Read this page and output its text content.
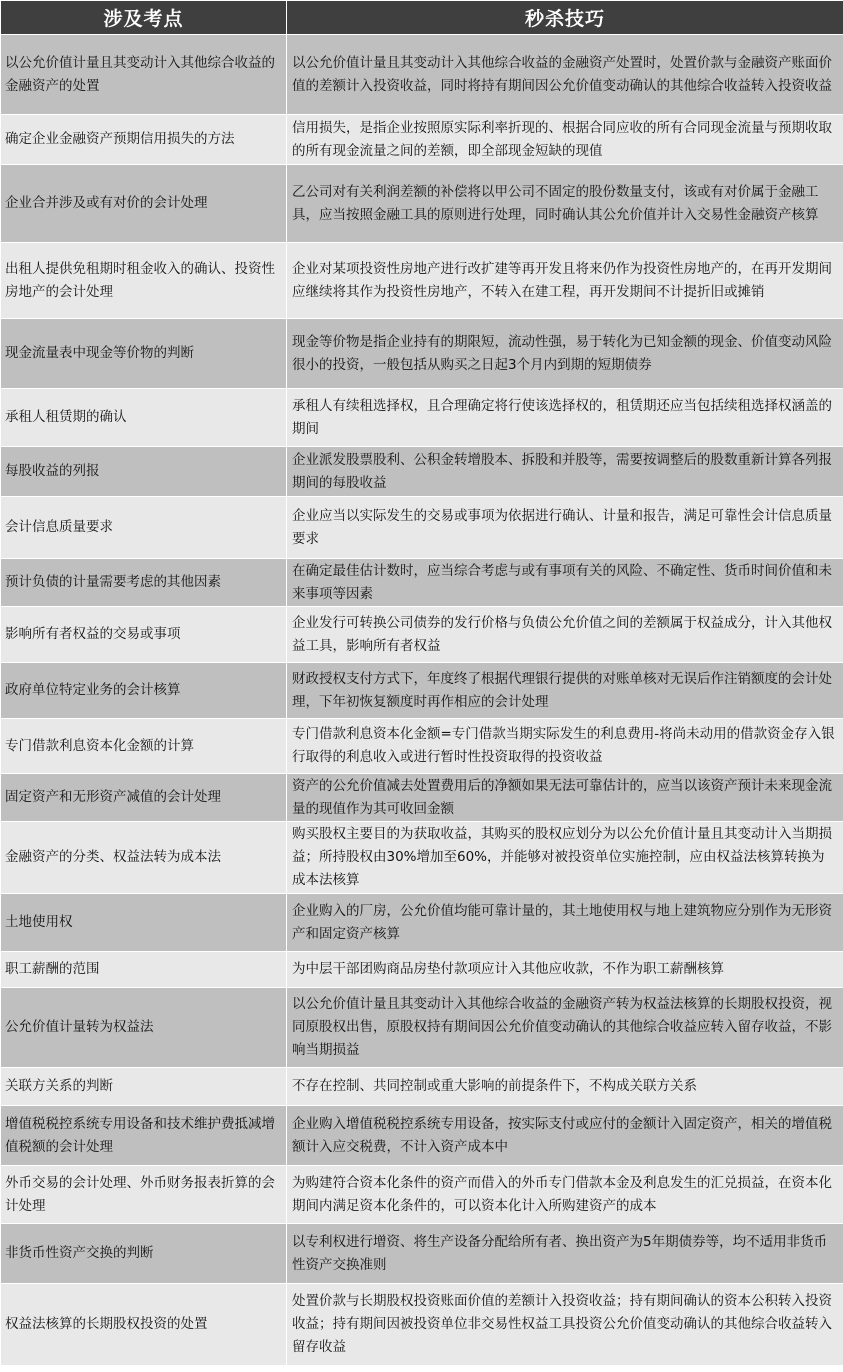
涉及考点	秒杀技巧
以公允价值计量且其变动计入其他综合收益的金融资产的处置	以公允价值计量且其变动计入其他综合收益的金融资产处置时，处置价款与金融资产账面价值的差额计入投资收益，同时将持有期间因公允价值变动确认的其他综合收益转入投资收益
确定企业金融资产预期信用损失的方法	信用损失，是指企业按照原实际利率折现的、根据合同应收的所有合同现金流量与预期收取的所有现金流量之间的差额，即全部现金短缺的现值
企业合并涉及或有对价的会计处理	乙公司对有关利润差额的补偿将以甲公司不固定的股份数量支付，该或有对价属于金融工具，应当按照金融工具的原则进行处理，同时确认其公允价值并计入交易性金融资产核算
出租人提供免租期时租金收入的确认、投资性房地产的会计处理	企业对某项投资性房地产进行改扩建等再开发且将来仍作为投资性房地产的，在再开发期间应继续将其作为投资性房地产，不转入在建工程，再开发期间不计提折旧或摊销
现金流量表中现金等价物的判断	现金等价物是指企业持有的期限短，流动性强，易于转化为已知金额的现金、价值变动风险很小的投资，一般包括从购买之日起3个月内到期的短期债券
承租人租赁期的确认	承租人有续租选择权，且合理确定将行使该选择权的，租赁期还应当包括续租选择权涵盖的期间
每股收益的列报	企业派发股票股利、公积金转增股本、拆股和并股等，需要按调整后的股数重新计算各列报期间的每股收益
会计信息质量要求	企业应当以实际发生的交易或事项为依据进行确认、计量和报告，满足可靠性会计信息质量要求
预计负债的计量需要考虑的其他因素	在确定最佳估计数时，应当综合考虑与或有事项有关的风险、不确定性、货币时间价值和未来事项等因素
影响所有者权益的交易或事项	企业发行可转换公司债券的发行价格与负债公允价值之间的差额属于权益成分，计入其他权益工具，影响所有者权益
政府单位特定业务的会计核算	财政授权支付方式下，年度终了根据代理银行提供的对账单核对无误后作注销额度的会计处理，下年初恢复额度时再作相应的会计处理
专门借款利息资本化金额的计算	专门借款利息资本化金额=专门借款当期实际发生的利息费用-将尚未动用的借款资金存入银行取得的利息收入或进行暂时性投资取得的投资收益
固定资产和无形资产减值的会计处理	资产的公允价值减去处置费用后的净额如果无法可靠估计的，应当以该资产预计未来现金流量的现值作为其可收回金额
金融资产的分类、权益法转为成本法	购买股权主要目的为获取收益，其购买的股权应划分为以公允价值计量且其变动计入当期损益；所持股权由30%增加至60%，并能够对被投资单位实施控制，应由权益法核算转换为成本法核算
土地使用权	企业购入的厂房，公允价值均能可靠计量的，其土地使用权与地上建筑物应分别作为无形资产和固定资产核算
职工薪酬的范围	为中层干部团购商品房垫付款项应计入其他应收款，不作为职工薪酬核算
公允价值计量转为权益法	以公允价值计量且其变动计入其他综合收益的金融资产转为权益法核算的长期股权投资，视同原股权出售，原股权持有期间因公允价值变动确认的其他综合收益应转入留存收益，不影响当期损益
关联方关系的判断	不存在控制、共同控制或重大影响的前提条件下，不构成关联方关系
增值税税控系统专用设备和技术维护费抵减增值税额的会计处理	企业购入增值税税控系统专用设备，按实际支付或应付的金额计入固定资产，相关的增值税额计入应交税费，不计入资产成本中
外币交易的会计处理、外币财务报表折算的会计处理	为购建符合资本化条件的资产而借入的外币专门借款本金及利息发生的汇兑损益，在资本化期间内满足资本化条件的，可以资本化计入所购建资产的成本
非货币性资产交换的判断	以专利权进行增资、将生产设备分配给所有者、换出资产为5年期债券等，均不适用非货币性资产交换准则
权益法核算的长期股权投资的处置	处置价款与长期股权投资账面价值的差额计入投资收益；持有期间确认的资本公积转入投资收益；持有期间因被投资单位非交易性权益工具投资公允价值变动确认的其他综合收益转入留存收益
